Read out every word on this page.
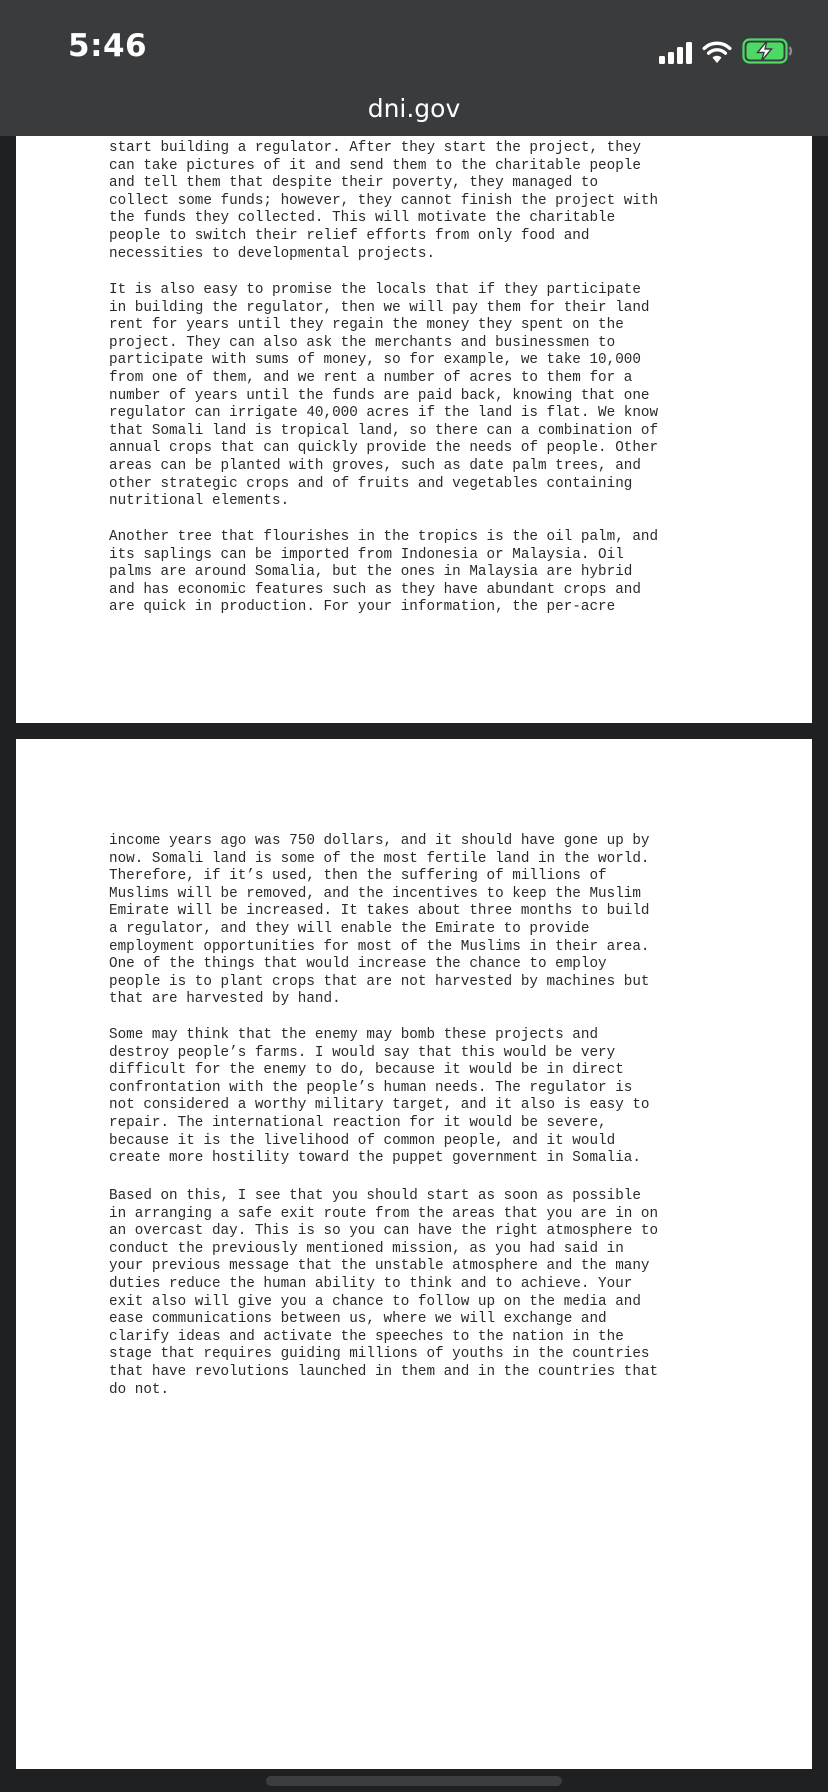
5:46
dni.gov

start building a regulator. After they start the project, they
can take pictures of it and send them to the charitable people
and tell them that despite their poverty, they managed to
collect some funds; however, they cannot finish the project with
the funds they collected. This will motivate the charitable
people to switch their relief efforts from only food and
necessities to developmental projects.

It is also easy to promise the locals that if they participate
in building the regulator, then we will pay them for their land
rent for years until they regain the money they spent on the
project. They can also ask the merchants and businessmen to
participate with sums of money, so for example, we take 10,000
from one of them, and we rent a number of acres to them for a
number of years until the funds are paid back, knowing that one
regulator can irrigate 40,000 acres if the land is flat. We know
that Somali land is tropical land, so there can a combination of
annual crops that can quickly provide the needs of people. Other
areas can be planted with groves, such as date palm trees, and
other strategic crops and of fruits and vegetables containing
nutritional elements.

Another tree that flourishes in the tropics is the oil palm, and
its saplings can be imported from Indonesia or Malaysia. Oil
palms are around Somalia, but the ones in Malaysia are hybrid
and has economic features such as they have abundant crops and
are quick in production. For your information, the per-acre

income years ago was 750 dollars, and it should have gone up by
now. Somali land is some of the most fertile land in the world.
Therefore, if it’s used, then the suffering of millions of
Muslims will be removed, and the incentives to keep the Muslim
Emirate will be increased. It takes about three months to build
a regulator, and they will enable the Emirate to provide
employment opportunities for most of the Muslims in their area.
One of the things that would increase the chance to employ
people is to plant crops that are not harvested by machines but
that are harvested by hand.

Some may think that the enemy may bomb these projects and
destroy people’s farms. I would say that this would be very
difficult for the enemy to do, because it would be in direct
confrontation with the people’s human needs. The regulator is
not considered a worthy military target, and it also is easy to
repair. The international reaction for it would be severe,
because it is the livelihood of common people, and it would
create more hostility toward the puppet government in Somalia.

Based on this, I see that you should start as soon as possible
in arranging a safe exit route from the areas that you are in on
an overcast day. This is so you can have the right atmosphere to
conduct the previously mentioned mission, as you had said in
your previous message that the unstable atmosphere and the many
duties reduce the human ability to think and to achieve. Your
exit also will give you a chance to follow up on the media and
ease communications between us, where we will exchange and
clarify ideas and activate the speeches to the nation in the
stage that requires guiding millions of youths in the countries
that have revolutions launched in them and in the countries that
do not.
